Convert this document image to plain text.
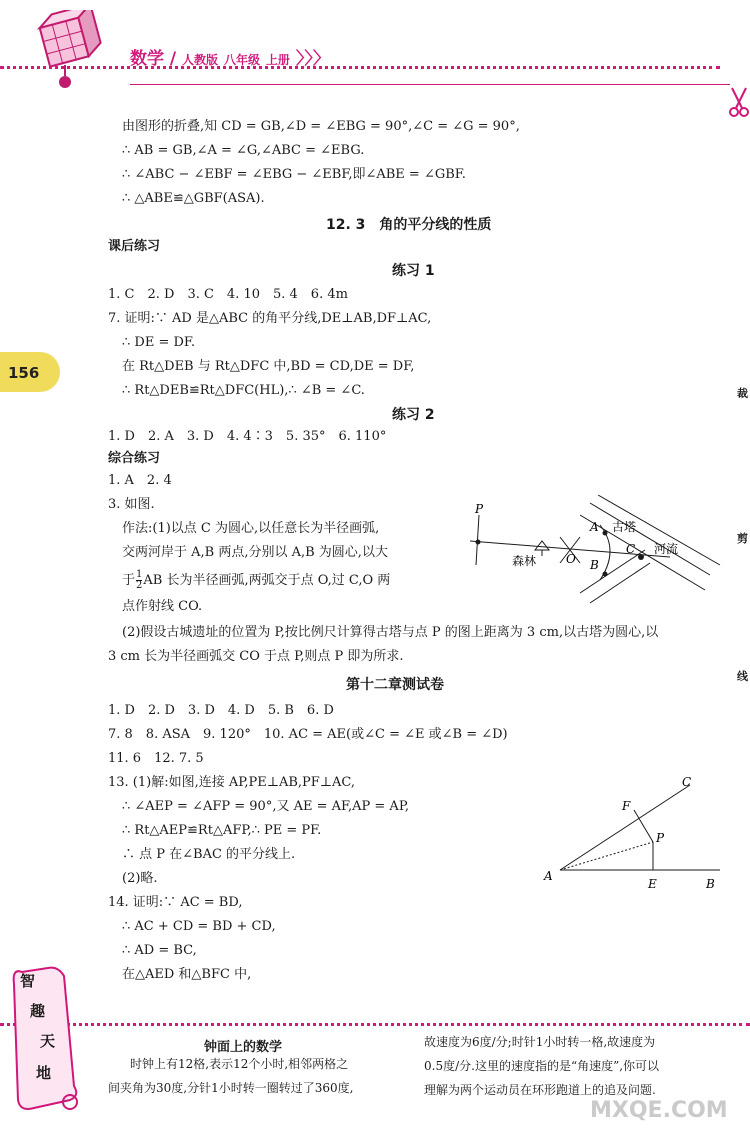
数学 / 人教版 八年级 上册 〉〉〉
由图形的折叠,知 CD = GB,∠D = ∠EBG = 90°,∠C = ∠G = 90°,
∴ AB = GB,∠A = ∠G,∠ABC = ∠EBG.
∴ ∠ABC − ∠EBF = ∠EBG − ∠EBF,即∠ABE = ∠GBF.
∴ △ABE≌△GBF(ASA).
12. 3　角的平分线的性质
课后练习
练习 1
1. C　2. D　3. C　4. 10　5. 4　6. 4m
7. 证明:∵ AD 是△ABC 的角平分线,DE⊥AB,DF⊥AC,
∴ DE = DF.
在 Rt△DEB 与 Rt△DFC 中,BD = CD,DE = DF,
∴ Rt△DEB≌Rt△DFC(HL),∴ ∠B = ∠C.
练习 2
1. D　2. A　3. D　4. 4∶3　5. 35°　6. 110°
综合练习
1. A　2. 4
3. 如图.
作法:(1)以点 C 为圆心,以任意长为半径画弧,
交两河岸于 A,B 两点,分别以 A,B 为圆心,以大
于 $\frac{1}{2}$ AB 长为半径画弧,两弧交于点 O,过 C,O 两
点作射线 CO.
(2)假设古城遗址的位置为 P,按比例尺计算得古塔与点 P 的图上距离为 3 cm,以古塔为圆心,以
3 cm 长为半径画弧交 CO 于点 P,则点 P 即为所求.
第十二章测试卷
1. D　2. D　3. D　4. D　5. B　6. D
7. 8　8. ASA　9. 120°　10. AC = AE(或∠C = ∠E 或∠B = ∠D)
11. 6　12. 7. 5
13. (1)解:如图,连接 AP,PE⊥AB,PF⊥AC,
∴ ∠AEP = ∠AFP = 90°,又 AE = AF,AP = AP,
∴ Rt△AEP≌Rt△AFP,∴ PE = PF.
∴ 点 P 在∠BAC 的平分线上.
(2)略.
14. 证明:∵ AC = BD,
∴ AC + CD = BD + CD,
∴ AD = BC,
在△AED 和△BFC 中,
156
P
A
B
C
O
古塔
河流
森林
A
B
E
C
F
P
裁
剪
线
智
趣
天
地
钟面上的数学
时钟上有12格,表示12个小时,相邻两格之
间夹角为30度,分针1小时转一圈转过了360度,
故速度为6度/分;时针1小时转一格,故速度为
0.5度/分.这里的速度指的是“角速度”,你可以
理解为两个运动员在环形跑道上的追及问题.
MXQE.COM
